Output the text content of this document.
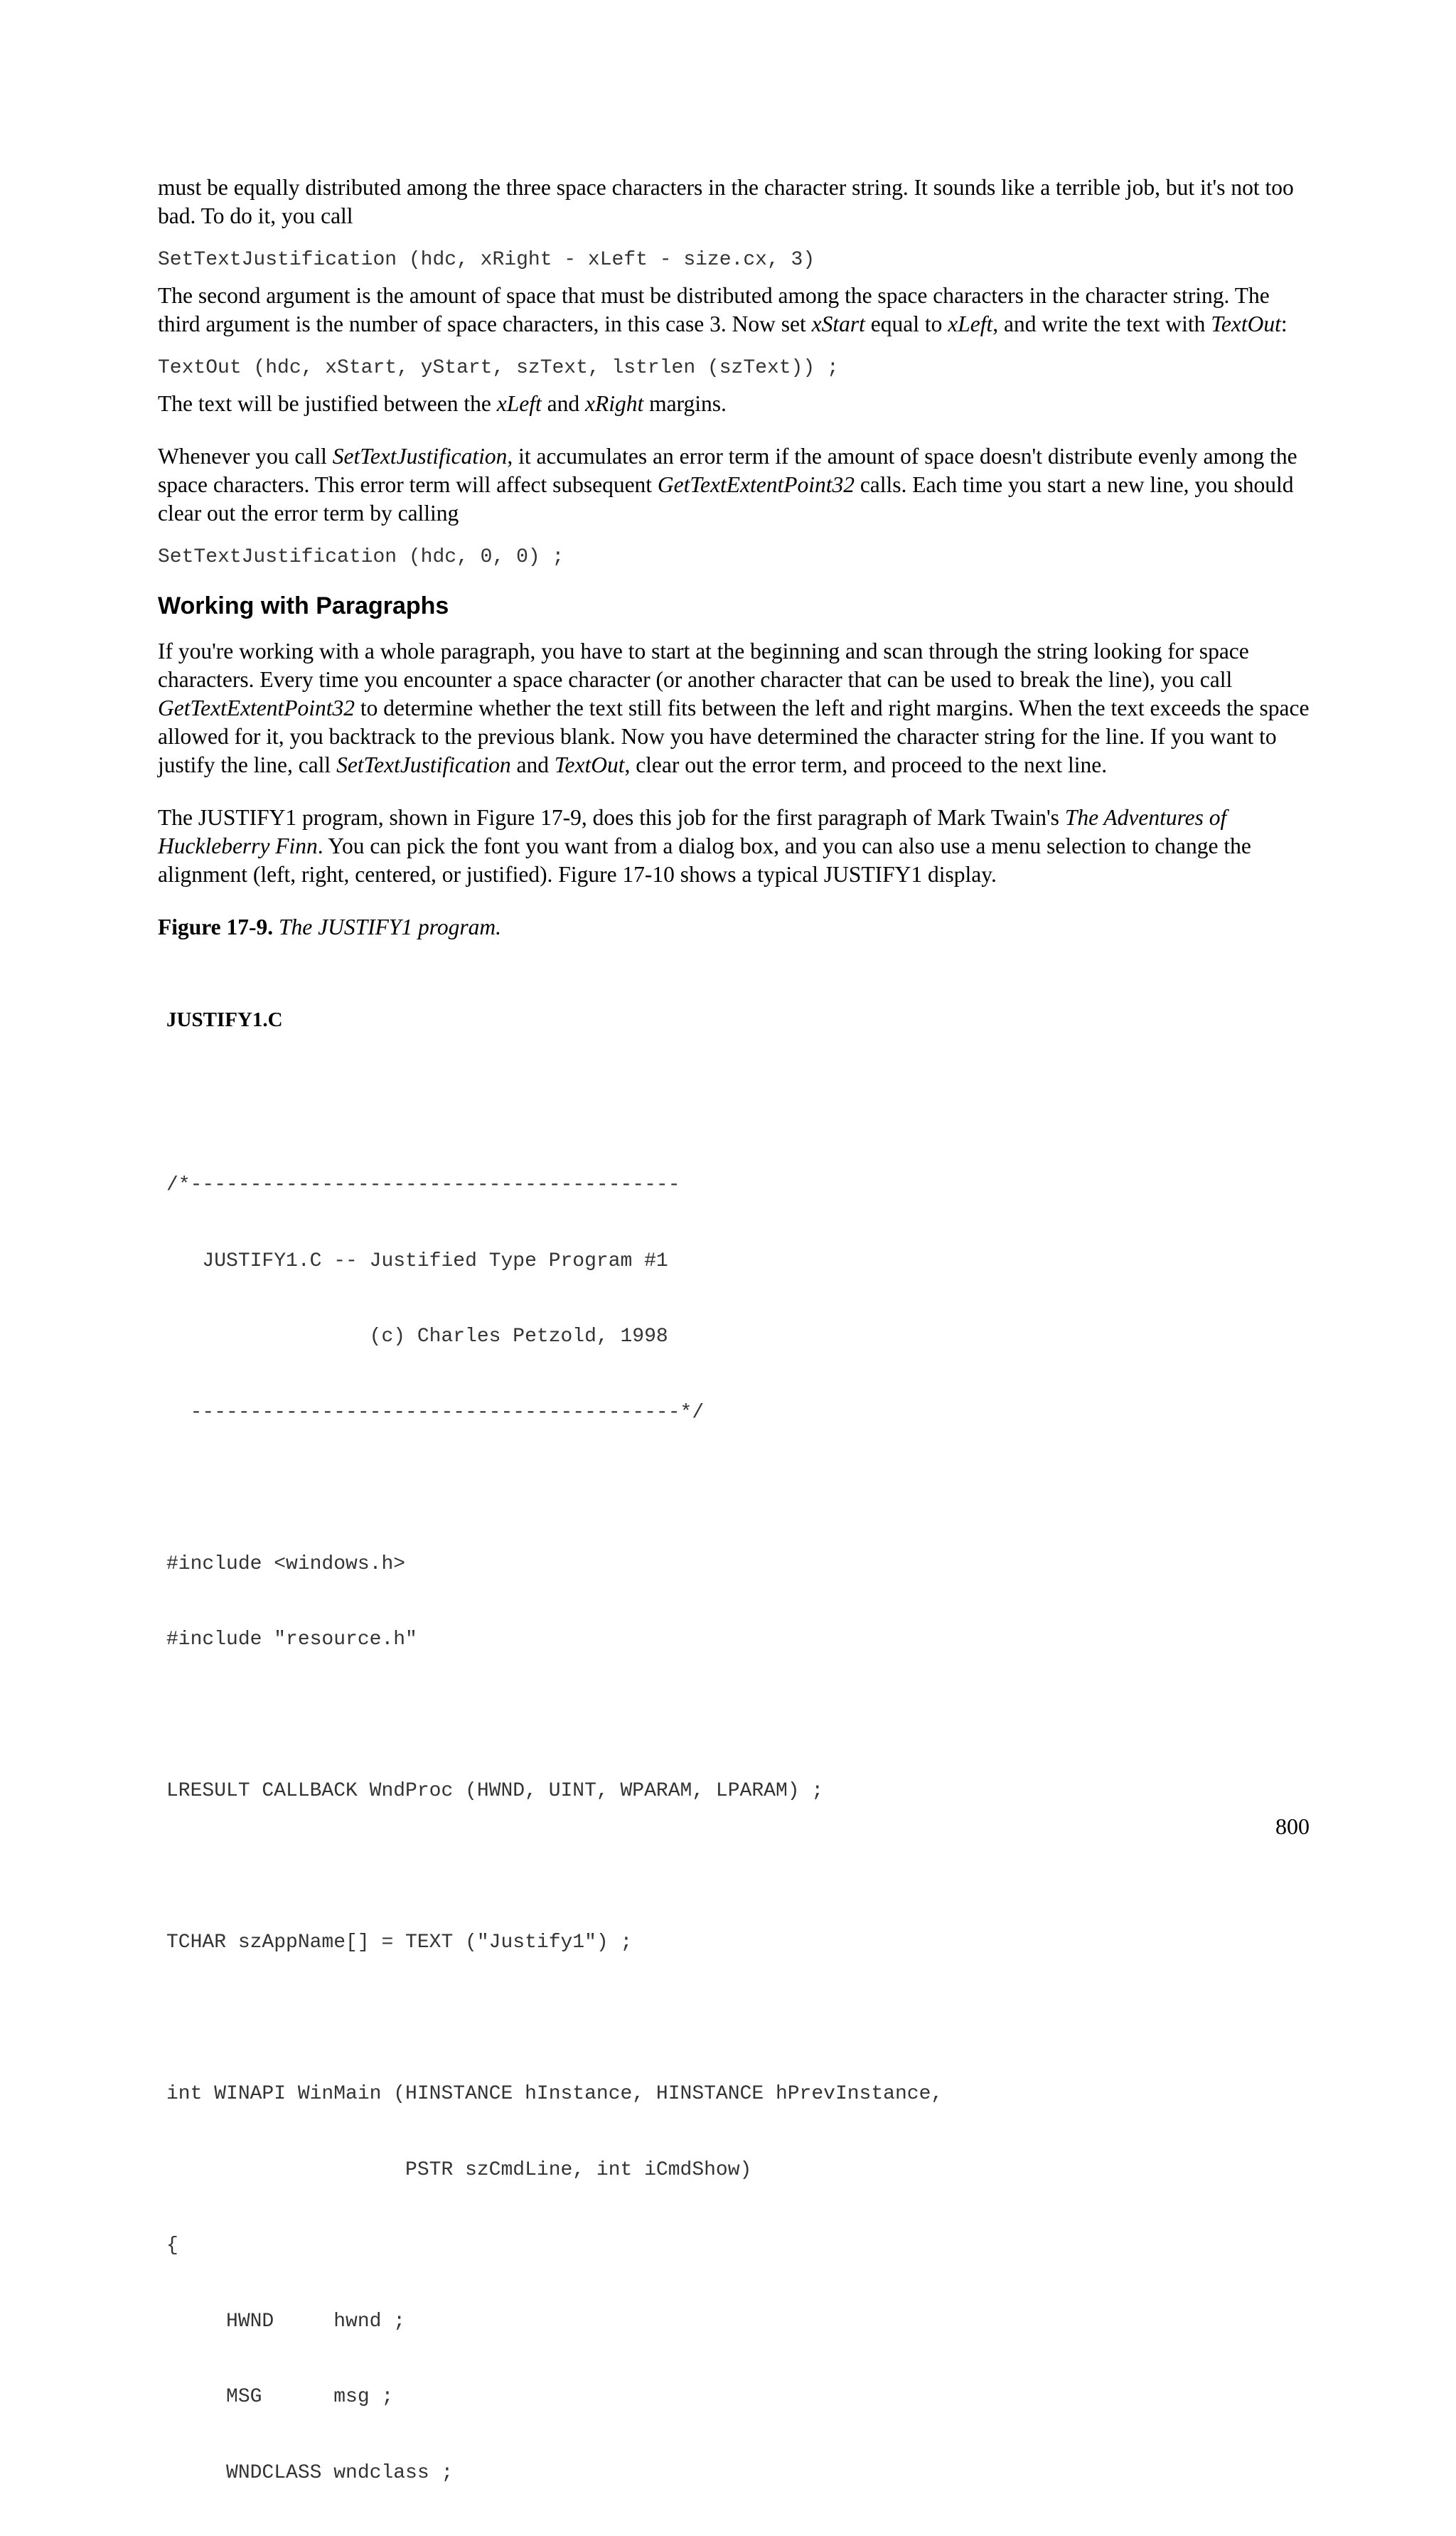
must be equally distributed among the three space characters in the character string. It sounds like a terrible job, but it's not too bad. To do it, you call

SetTextJustification (hdc, xRight - xLeft - size.cx, 3)

The second argument is the amount of space that must be distributed among the space characters in the character string. The third argument is the number of space characters, in this case 3. Now set xStart equal to xLeft, and write the text with TextOut:

TextOut (hdc, xStart, yStart, szText, lstrlen (szText)) ;

The text will be justified between the xLeft and xRight margins.

Whenever you call SetTextJustification, it accumulates an error term if the amount of space doesn't distribute evenly among the space characters. This error term will affect subsequent GetTextExtentPoint32 calls. Each time you start a new line, you should clear out the error term by calling

SetTextJustification (hdc, 0, 0) ;
Working with Paragraphs

If you're working with a whole paragraph, you have to start at the beginning and scan through the string looking for space characters. Every time you encounter a space character (or another character that can be used to break the line), you call GetTextExtentPoint32 to determine whether the text still fits between the left and right margins. When the text exceeds the space allowed for it, you backtrack to the previous blank. Now you have determined the character string for the line. If you want to justify the line, call SetTextJustification and TextOut, clear out the error term, and proceed to the next line.

The JUSTIFY1 program, shown in Figure 17-9, does this job for the first paragraph of Mark Twain's The Adventures of Huckleberry Finn. You can pick the font you want from a dialog box, and you can also use a menu selection to change the alignment (left, right, centered, or justified). Figure 17-10 shows a typical JUSTIFY1 display.

Figure 17-9. The JUSTIFY1 program.

JUSTIFY1.C

/*-----------------------------------------

JUSTIFY1.C -- Justified Type Program #1

(c) Charles Petzold, 1998

-----------------------------------------*/

#include <windows.h>

#include "resource.h"

LRESULT CALLBACK WndProc (HWND, UINT, WPARAM, LPARAM) ;

TCHAR szAppName[] = TEXT ("Justify1") ;

int WINAPI WinMain (HINSTANCE hInstance, HINSTANCE hPrevInstance,

PSTR szCmdLine, int iCmdShow)

{

HWND     hwnd ;

MSG      msg ;

WNDCLASS wndclass ;

800
